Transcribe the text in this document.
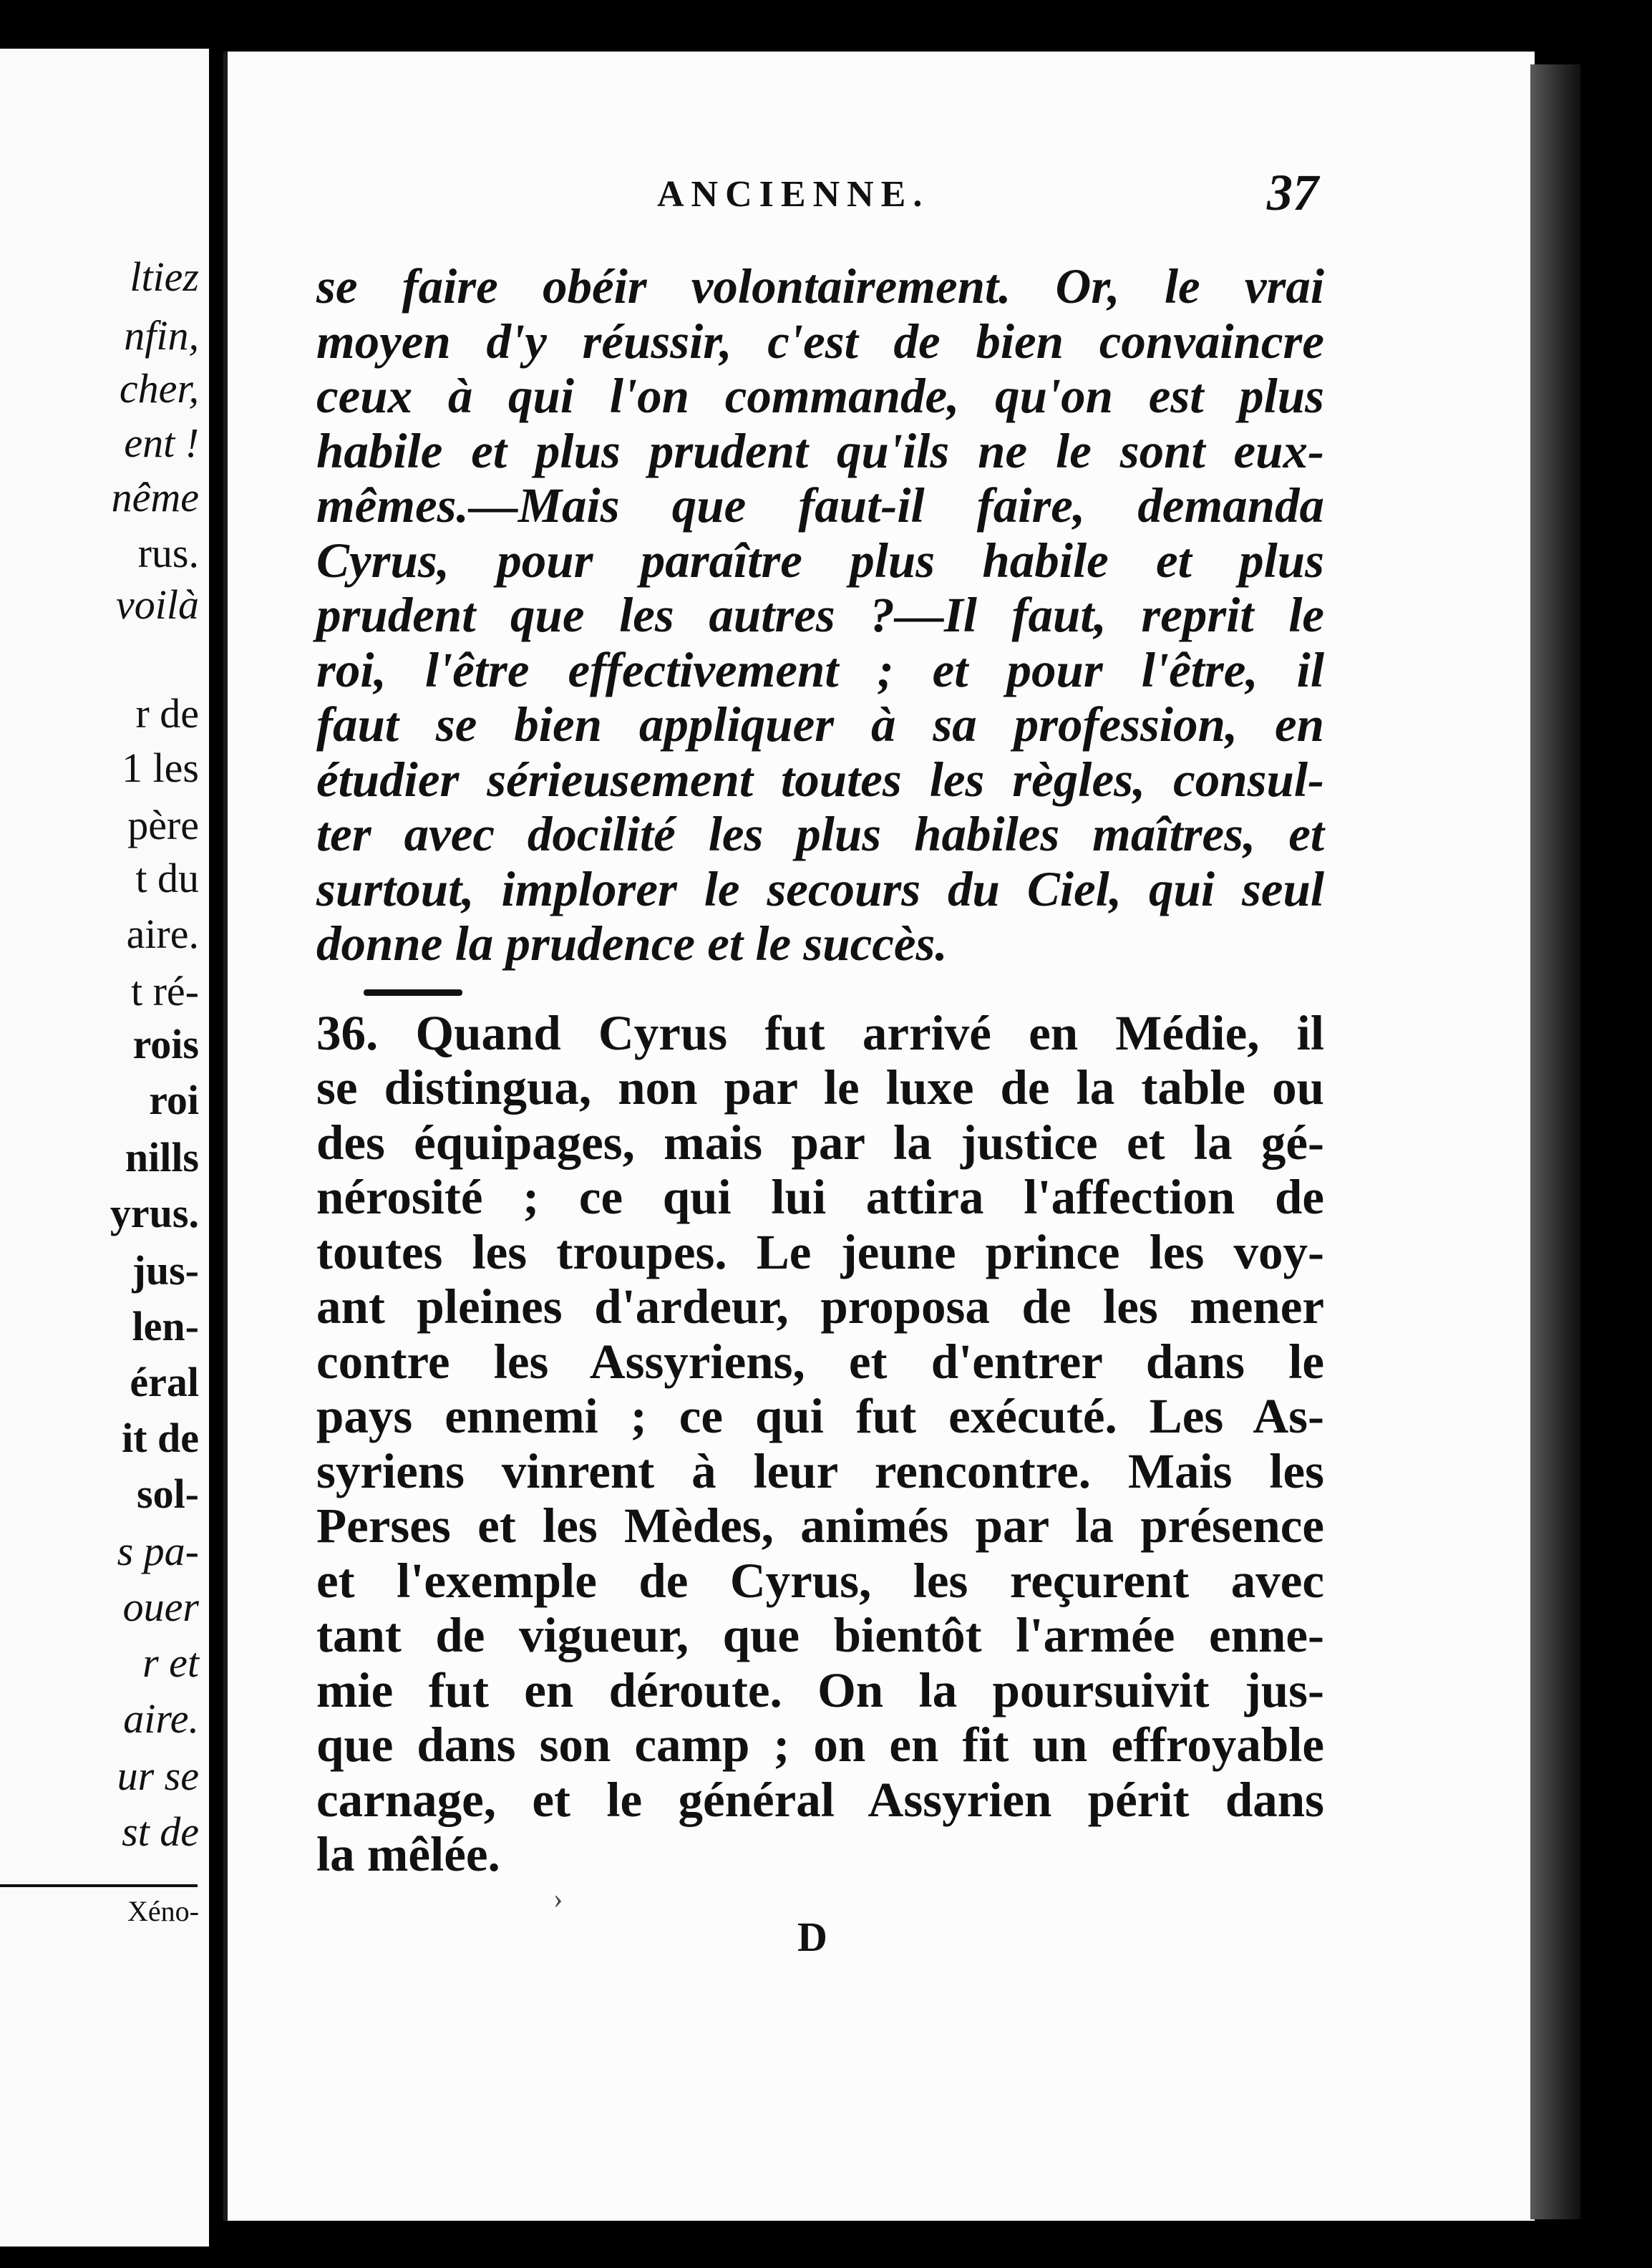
Xéno-
ltiez
nfin,
cher,
ent !
nême
rus.
voilà
r de
1 les
père
t du
aire.
t ré-
rois
roi
nills
yrus.
jus-
len-
éral
it de
sol-
s pa-
ouer
r et
aire.
ur se
st de
ANCIENNE.	37
se faire obéir volontairement. Or, le vrai
moyen d'y réussir, c'est de bien convaincre
ceux à qui l'on commande, qu'on est plus
habile et plus prudent qu'ils ne le sont eux-
mêmes.—Mais que faut-il faire, demanda
Cyrus, pour paraître plus habile et plus
prudent que les autres ?—Il faut, reprit le
roi, l'être effectivement ; et pour l'être, il
faut se bien appliquer à sa profession, en
étudier sérieusement toutes les règles, consul-
ter avec docilité les plus habiles maîtres, et
surtout, implorer le secours du Ciel, qui seul
donne la prudence et le succès.
36. Quand Cyrus fut arrivé en Médie, il
se distingua, non par le luxe de la table ou
des équipages, mais par la justice et la gé-
nérosité ; ce qui lui attira l'affection de
toutes les troupes. Le jeune prince les voy-
ant pleines d'ardeur, proposa de les mener
contre les Assyriens, et d'entrer dans le
pays ennemi ; ce qui fut exécuté. Les As-
syriens vinrent à leur rencontre. Mais les
Perses et les Mèdes, animés par la présence
et l'exemple de Cyrus, les reçurent avec
tant de vigueur, que bientôt l'armée enne-
mie fut en déroute. On la poursuivit jus-
que dans son camp ; on en fit un effroyable
carnage, et le général Assyrien périt dans
la mêlée.
›
D
